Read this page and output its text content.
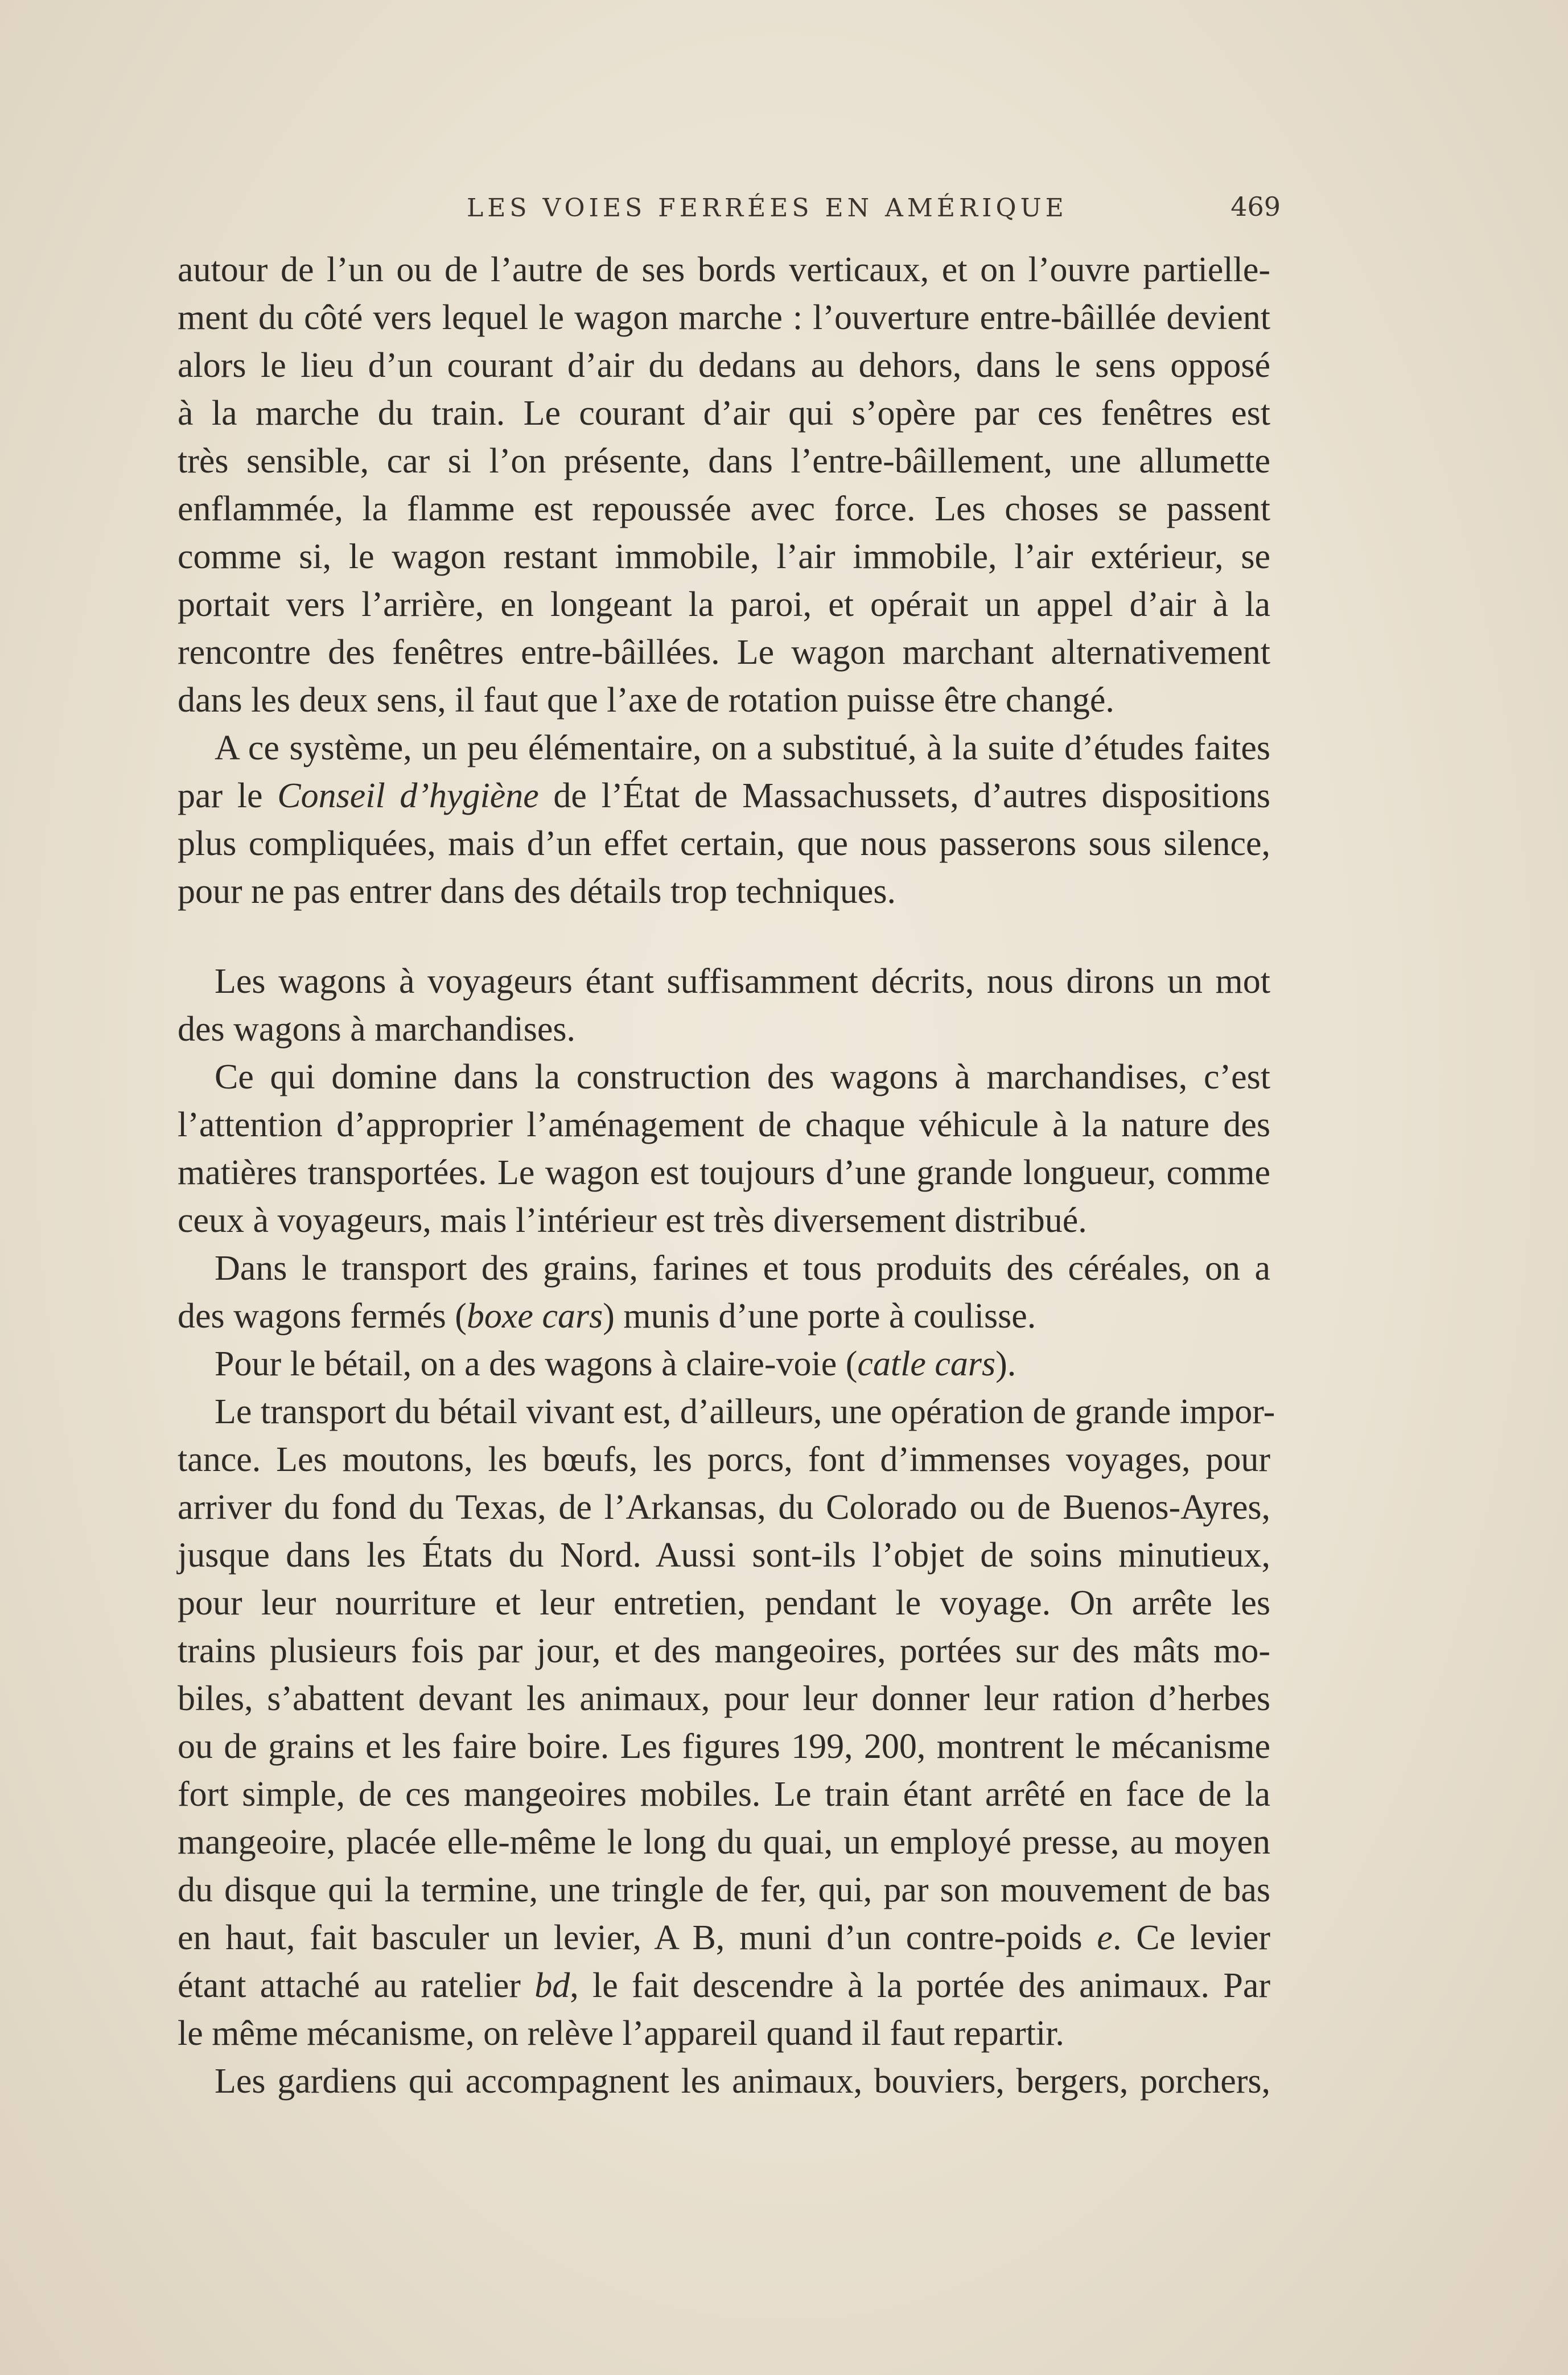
LES VOIES FERRÉES EN AMÉRIQUE	469
autour de l’un ou de l’autre de ses bords verticaux, et on l’ouvre partielle-
ment du côté vers lequel le wagon marche : l’ouverture entre-bâillée devient
alors le lieu d’un courant d’air du dedans au dehors, dans le sens opposé
à la marche du train. Le courant d’air qui s’opère par ces fenêtres est
très sensible, car si l’on présente, dans l’entre-bâillement, une allumette
enflammée, la flamme est repoussée avec force. Les choses se passent
comme si, le wagon restant immobile, l’air immobile, l’air extérieur, se
portait vers l’arrière, en longeant la paroi, et opérait un appel d’air à la
rencontre des fenêtres entre-bâillées. Le wagon marchant alternativement
dans les deux sens, il faut que l’axe de rotation puisse être changé.
A ce système, un peu élémentaire, on a substitué, à la suite d’études faites
par le Conseil d’hygiène de l’État de Massachussets, d’autres dispositions
plus compliquées, mais d’un effet certain, que nous passerons sous silence,
pour ne pas entrer dans des détails trop techniques.
Les wagons à voyageurs étant suffisamment décrits, nous dirons un mot
des wagons à marchandises.
Ce qui domine dans la construction des wagons à marchandises, c’est
l’attention d’approprier l’aménagement de chaque véhicule à la nature des
matières transportées. Le wagon est toujours d’une grande longueur, comme
ceux à voyageurs, mais l’intérieur est très diversement distribué.
Dans le transport des grains, farines et tous produits des céréales, on a
des wagons fermés (boxe cars) munis d’une porte à coulisse.
Pour le bétail, on a des wagons à claire-voie (catle cars).
Le transport du bétail vivant est, d’ailleurs, une opération de grande impor-
tance. Les moutons, les bœufs, les porcs, font d’immenses voyages, pour
arriver du fond du Texas, de l’Arkansas, du Colorado ou de Buenos-Ayres,
jusque dans les États du Nord. Aussi sont-ils l’objet de soins minutieux,
pour leur nourriture et leur entretien, pendant le voyage. On arrête les
trains plusieurs fois par jour, et des mangeoires, portées sur des mâts mo-
biles, s’abattent devant les animaux, pour leur donner leur ration d’herbes
ou de grains et les faire boire. Les figures 199, 200, montrent le mécanisme
fort simple, de ces mangeoires mobiles. Le train étant arrêté en face de la
mangeoire, placée elle-même le long du quai, un employé presse, au moyen
du disque qui la termine, une tringle de fer, qui, par son mouvement de bas
en haut, fait basculer un levier, A B, muni d’un contre-poids e. Ce levier
étant attaché au ratelier bd, le fait descendre à la portée des animaux. Par
le même mécanisme, on relève l’appareil quand il faut repartir.
Les gardiens qui accompagnent les animaux, bouviers, bergers, porchers,
